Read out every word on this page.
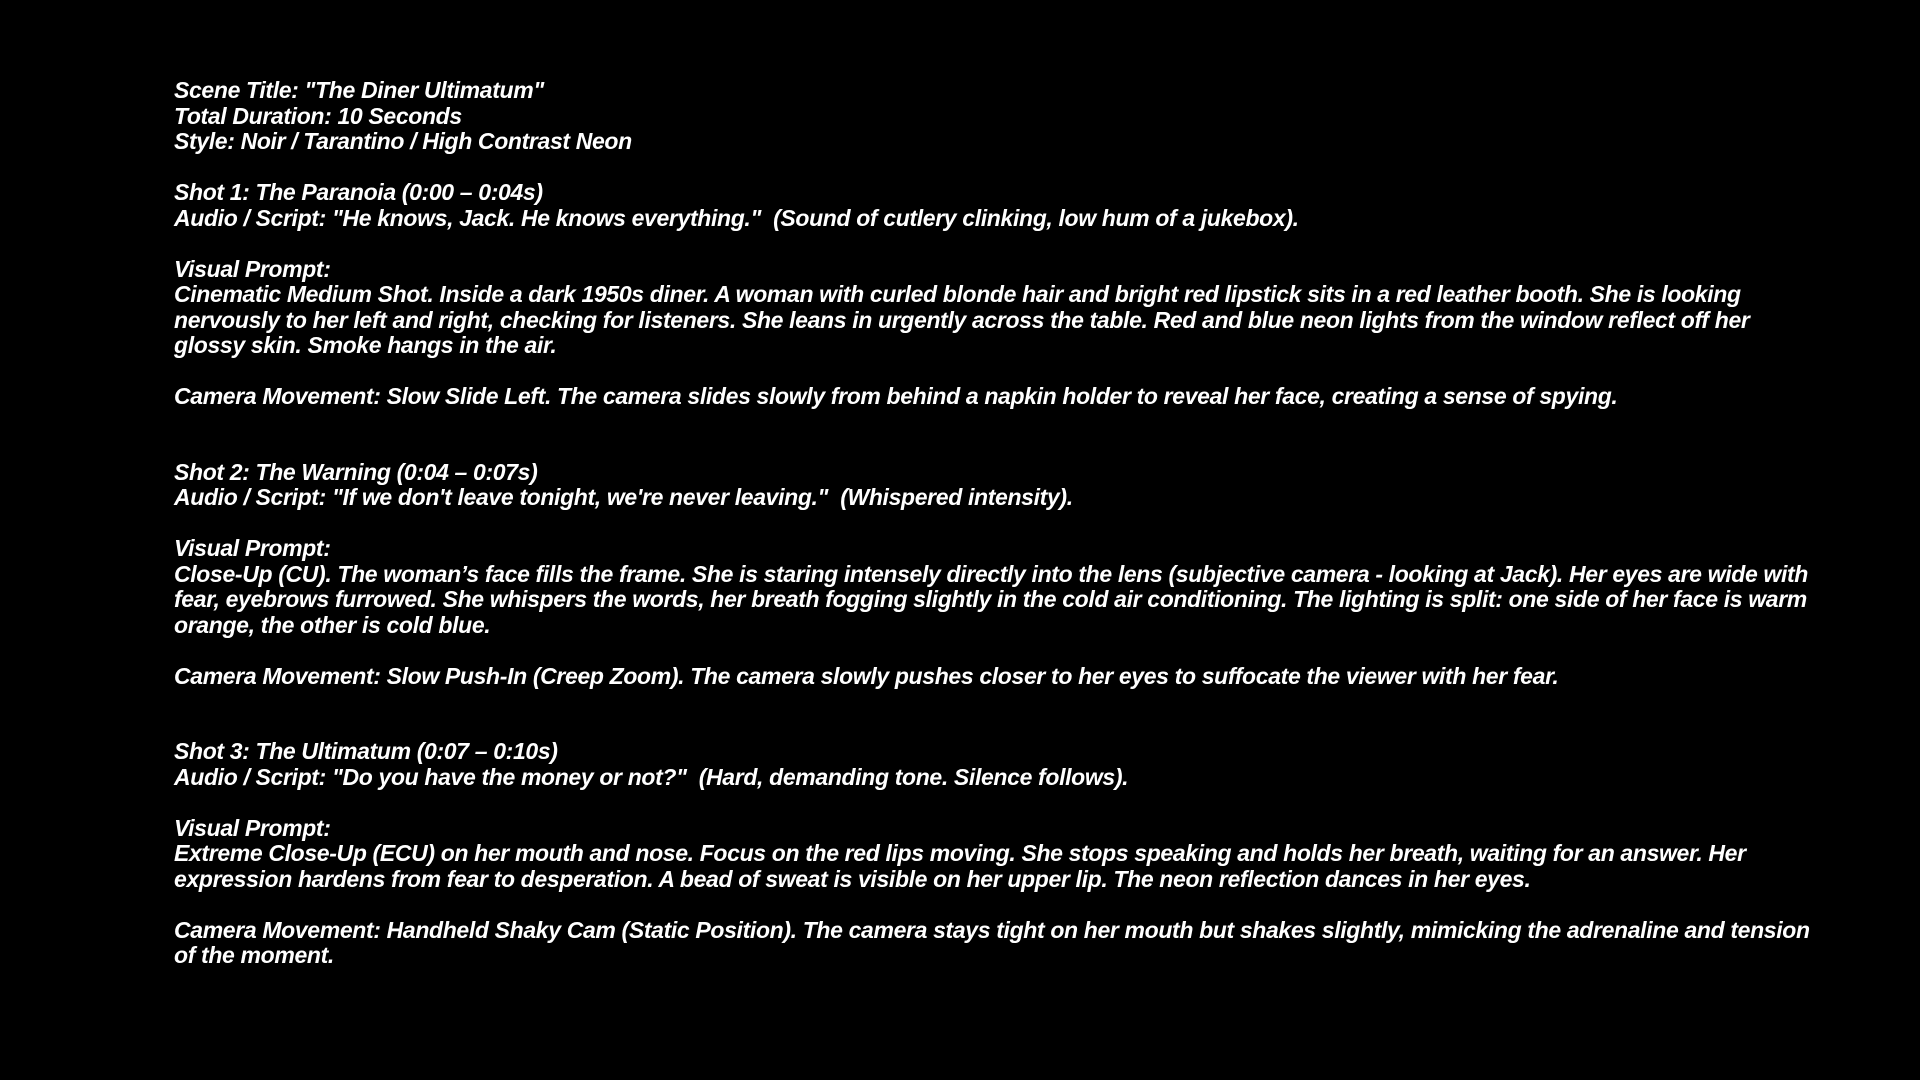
Scene Title: "The Diner Ultimatum"
Total Duration: 10 Seconds
Style: Noir / Tarantino / High Contrast Neon
Shot 1: The Paranoia (0:00 – 0:04s)
Audio / Script: "He knows, Jack. He knows everything."  (Sound of cutlery clinking, low hum of a jukebox).
Visual Prompt:
Cinematic Medium Shot. Inside a dark 1950s diner. A woman with curled blonde hair and bright red lipstick sits in a red leather booth. She is looking nervously to her left and right, checking for listeners. She leans in urgently across the table. Red and blue neon lights from the window reflect off her glossy skin. Smoke hangs in the air.
Camera Movement: Slow Slide Left. The camera slides slowly from behind a napkin holder to reveal her face, creating a sense of spying.
Shot 2: The Warning (0:04 – 0:07s)
Audio / Script: "If we don't leave tonight, we're never leaving."  (Whispered intensity).
Visual Prompt:
Close-Up (CU). The woman’s face fills the frame. She is staring intensely directly into the lens (subjective camera - looking at Jack). Her eyes are wide with fear, eyebrows furrowed. She whispers the words, her breath fogging slightly in the cold air conditioning. The lighting is split: one side of her face is warm orange, the other is cold blue.
Camera Movement: Slow Push-In (Creep Zoom). The camera slowly pushes closer to her eyes to suffocate the viewer with her fear.
Shot 3: The Ultimatum (0:07 – 0:10s)
Audio / Script: "Do you have the money or not?"  (Hard, demanding tone. Silence follows).
Visual Prompt:
Extreme Close-Up (ECU) on her mouth and nose. Focus on the red lips moving. She stops speaking and holds her breath, waiting for an answer. Her expression hardens from fear to desperation. A bead of sweat is visible on her upper lip. The neon reflection dances in her eyes.
Camera Movement: Handheld Shaky Cam (Static Position). The camera stays tight on her mouth but shakes slightly, mimicking the adrenaline and tension of the moment.
